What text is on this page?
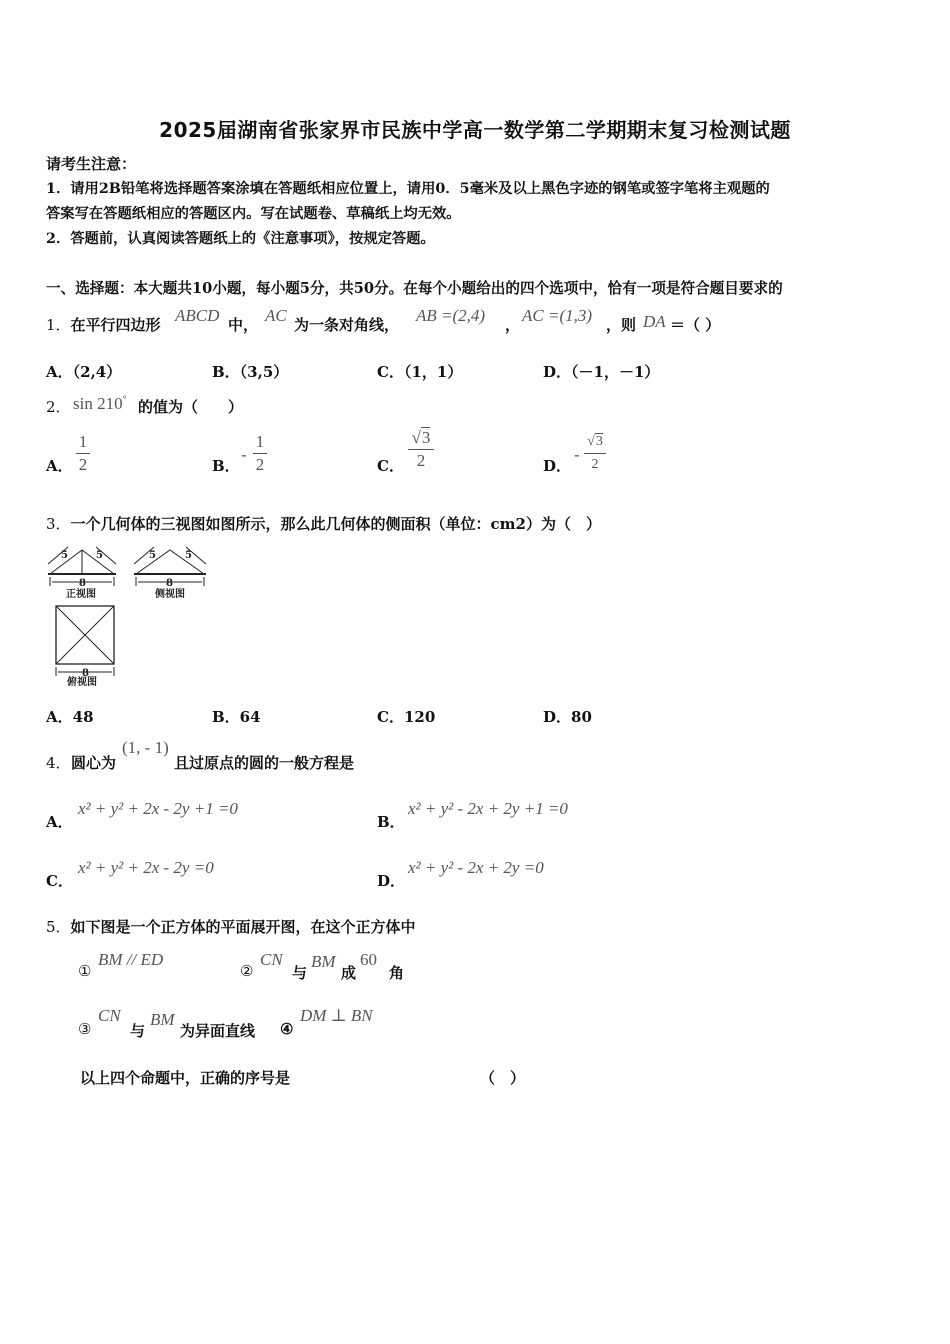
2025届湖南省张家界市民族中学高一数学第二学期期末复习检测试题
请考生注意：
1．请用2B铅笔将选择题答案涂填在答题纸相应位置上，请用0．5毫米及以上黑色字迹的钢笔或签字笔将主观题的
答案写在答题纸相应的答题区内。写在试题卷、草稿纸上均无效。
2．答题前，认真阅读答题纸上的《注意事项》，按规定答题。
一、选择题：本大题共10小题，每小题5分，共50分。在每个小题给出的四个选项中，恰有一项是符合题目要求的
1．在平行四边形 ABCD 中， AC 为一条对角线， AB =(2,4) ， AC =(1,3) ，则 DA ＝（ ）
A．（2,4）	B．（3,5）	C．（1，1）	D．（－1，－1）
2． sin 210° 的值为（　　）
A．
1
2	B．
-
1
2	C．
√3
2	D．
-
√3
2
3．一个几何体的三视图如图所示，那么此几何体的侧面积（单位：cm2）为（　）
5	5
8
5	5
8
8
正视图	侧视图
俯视图
A．48	B．64	C．120	D．80
4． 圆心为
(1, - 1)
且过原点的圆的一般方程是
A．
x² + y² + 2x - 2y +1 =0
B．
x² + y² - 2x + 2y +1 =0
C．
x² + y² + 2x - 2y =0
D．
x² + y² - 2x + 2y =0
5．如下图是一个正方体的平面展开图，在这个正方体中
①
BM // ED
②
CN
与
BM
成
60
角
③
CN
与
BM
为异面直线 ④
DM ⊥ BN
以上四个命题中，正确的序号是	（　）
